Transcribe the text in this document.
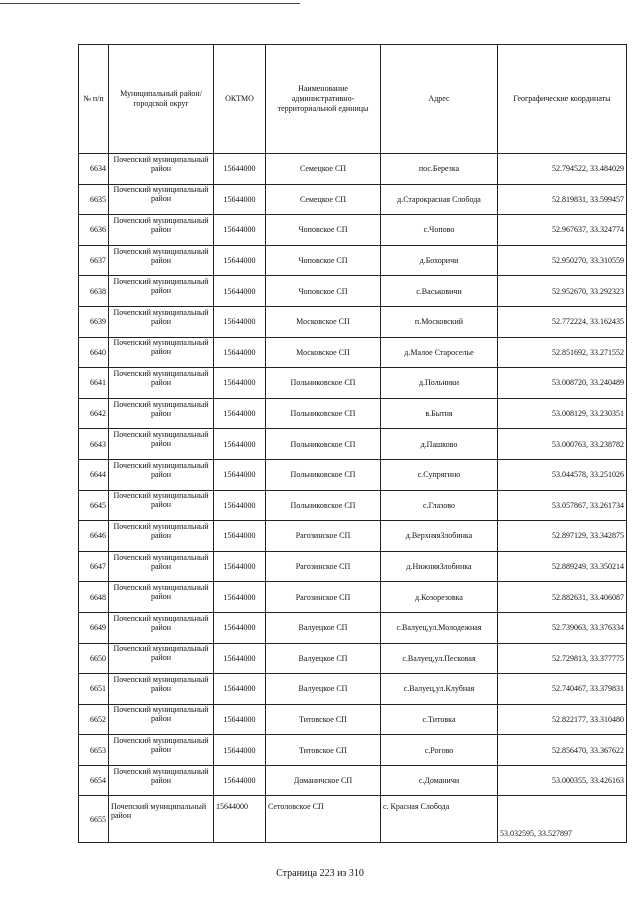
№ п/п	Муниципальный район/городской округ	ОКТМО	Наименование административно-территориальной единицы	Адрес	Географические координаты
6634	Почепский муниципальный район	15644000	Семецкое СП	пос.Березка	52.794522, 33.484029
6635	Почепский муниципальный район	15644000	Семецкое СП	д.Старокрасная Слобода	52.819831, 33.599457
6636	Почепский муниципальный район	15644000	Чоповское СП	с.Чопово	52.967637, 33.324774
6637	Почепский муниципальный район	15644000	Чоповское СП	д.Бохоричи	52.950270, 33.310559
6638	Почепский муниципальный район	15644000	Чоповское СП	с.Васьковичи	52.952670, 33.292323
6639	Почепский муниципальный район	15644000	Московское СП	п.Московский	52.772224, 33.162435
6640	Почепский муниципальный район	15644000	Московское СП	д.Малое Староселье	52.851692, 33.271552
6641	Почепский муниципальный район	15644000	Польниковское СП	д.Польники	53.008720, 33.240489
6642	Почепский муниципальный район	15644000	Польниковское СП	в.Бытня	53.008129, 33.230351
6643	Почепский муниципальный район	15644000	Польниковское СП	д.Пашково	53.000763, 33.238782
6644	Почепский муниципальный район	15644000	Польниковское СП	с.Супрягино	53.044578, 33.251026
6645	Почепский муниципальный район	15644000	Польниковское СП	с.Глазово	53.057867, 33.261734
6646	Почепский муниципальный район	15644000	Рагозинское СП	д.ВерхняяЗлобинка	52.897129, 33.342875
6647	Почепский муниципальный район	15644000	Рагозинское СП	д.НижняяЗлобинка	52.889249, 33.350214
6648	Почепский муниципальный район	15644000	Рагозинское СП	д.Козорезовка	52.882631, 33.406087
6649	Почепский муниципальный район	15644000	Валуецкое СП	с.Валуец,ул.Молодежная	52.739063, 33.376334
6650	Почепский муниципальный район	15644000	Валуецкое СП	с.Валуец,ул.Песковая	52.729813, 33.377775
6651	Почепский муниципальный район	15644000	Валуецкое СП	с.Валуец,ул.Клубная	52.740467, 33.379831
6652	Почепский муниципальный район	15644000	Титовское СП	с.Титовка	52.822177, 33.310480
6653	Почепский муниципальный район	15644000	Титовское СП	с.Рогово	52.856470, 33.367622
6654	Почепский муниципальный район	15644000	Доманичское СП	с.Доманичи	53.000355, 33.426163
6655	Почепский муниципальный район	15644000	Сетоловское СП	с. Красная Слобода	53.032595, 33.527897
Страница 223 из 310
